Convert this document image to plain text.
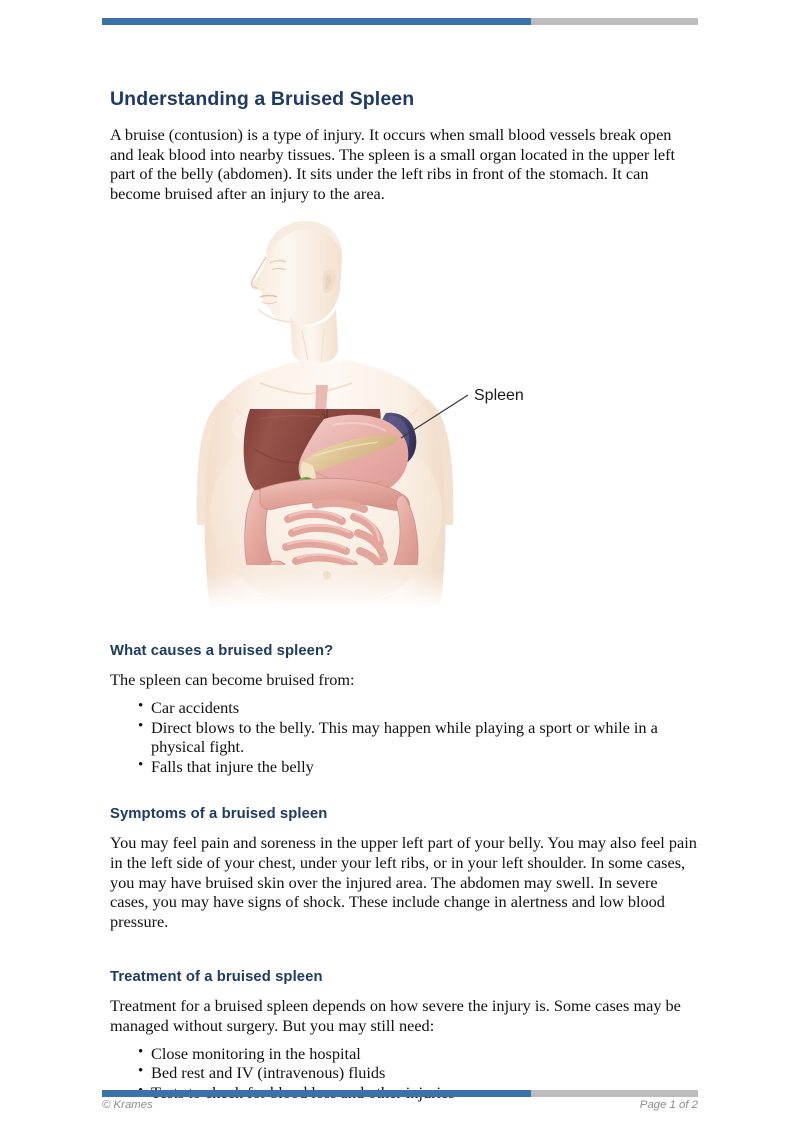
Understanding a Bruised Spleen

A bruise (contusion) is a type of injury. It occurs when small blood vessels break open and leak blood into nearby tissues. The spleen is a small organ located in the upper left part of the belly (abdomen). It sits under the left ribs in front of the stomach. It can become bruised after an injury to the area.

Spleen
What causes a bruised spleen?

The spleen can become bruised from:

• Car accidents
• Direct blows to the belly. This may happen while playing a sport or while in a physical fight.
• Falls that injure the belly
Symptoms of a bruised spleen

You may feel pain and soreness in the upper left part of your belly. You may also feel pain in the left side of your chest, under your left ribs, or in your left shoulder. In some cases, you may have bruised skin over the injured area. The abdomen may swell. In severe cases, you may have signs of shock. These include change in alertness and low blood pressure.

Treatment of a bruised spleen

Treatment for a bruised spleen depends on how severe the injury is. Some cases may be managed without surgery. But you may still need:

• Close monitoring in the hospital
• Bed rest and IV (intravenous) fluids
•
© Krames	Page 1 of 2
